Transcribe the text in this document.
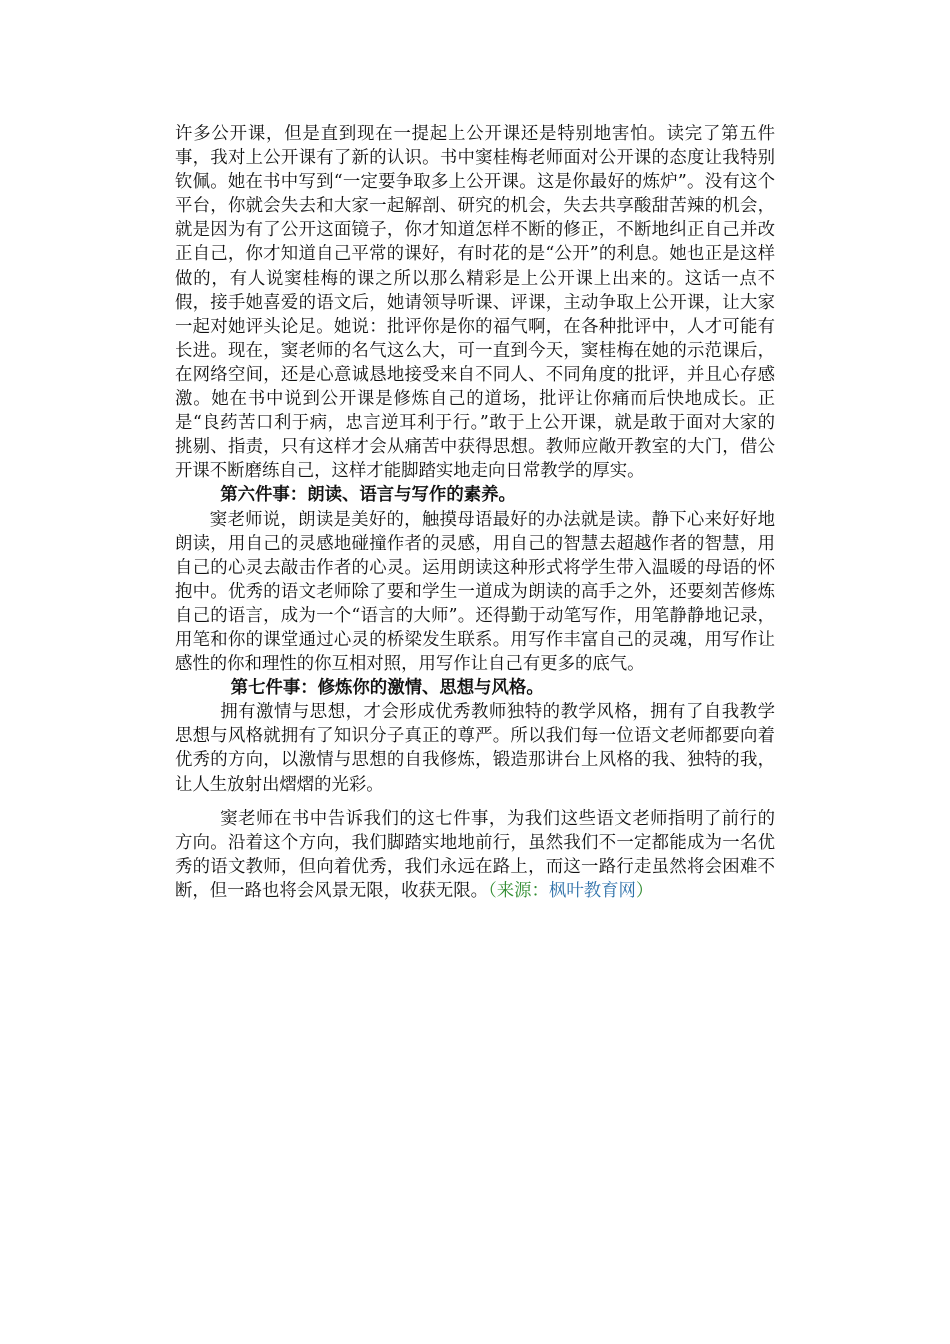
许多公开课，但是直到现在一提起上公开课还是特别地害怕。读完了第五件事，我对上公开课有了新的认识。书中窦桂梅老师面对公开课的态度让我特别钦佩。她在书中写到“一定要争取多上公开课。这是你最好的炼炉”。没有这个平台，你就会失去和大家一起解剖、研究的机会，失去共享酸甜苦辣的机会，就是因为有了公开这面镜子，你才知道怎样不断的修正，不断地纠正自己并改正自己，你才知道自己平常的课好，有时花的是“公开”的利息。她也正是这样做的，有人说窦桂梅的课之所以那么精彩是上公开课上出来的。这话一点不假，接手她喜爱的语文后，她请领导听课、评课，主动争取上公开课，让大家一起对她评头论足。她说：批评你是你的福气啊，在各种批评中，人才可能有长进。现在，窦老师的名气这么大，可一直到今天，窦桂梅在她的示范课后，在网络空间，还是心意诚恳地接受来自不同人、不同角度的批评，并且心存感激。她在书中说到公开课是修炼自己的道场，批评让你痛而后快地成长。正是“良药苦口利于病，忠言逆耳利于行。”敢于上公开课，就是敢于面对大家的挑剔、指责，只有这样才会从痛苦中获得思想。教师应敞开教室的大门，借公开课不断磨练自己，这样才能脚踏实地走向日常教学的厚实。

第六件事：朗读、语言与写作的素养。

窦老师说，朗读是美好的，触摸母语最好的办法就是读。静下心来好好地朗读，用自己的灵感地碰撞作者的灵感，用自己的智慧去超越作者的智慧，用自己的心灵去敲击作者的心灵。运用朗读这种形式将学生带入温暖的母语的怀抱中。优秀的语文老师除了要和学生一道成为朗读的高手之外，还要刻苦修炼自己的语言，成为一个“语言的大师”。还得勤于动笔写作，用笔静静地记录，用笔和你的课堂通过心灵的桥梁发生联系。用写作丰富自己的灵魂，用写作让感性的你和理性的你互相对照，用写作让自己有更多的底气。

第七件事：修炼你的激情、思想与风格。

拥有激情与思想，才会形成优秀教师独特的教学风格，拥有了自我教学思想与风格就拥有了知识分子真正的尊严。所以我们每一位语文老师都要向着优秀的方向，以激情与思想的自我修炼，锻造那讲台上风格的我、独特的我，让人生放射出熠熠的光彩。

窦老师在书中告诉我们的这七件事，为我们这些语文老师指明了前行的方向。沿着这个方向，我们脚踏实地地前行，虽然我们不一定都能成为一名优秀的语文教师，但向着优秀，我们永远在路上，而这一路行走虽然将会困难不断，但一路也将会风景无限，收获无限。（来源：枫叶教育网）
